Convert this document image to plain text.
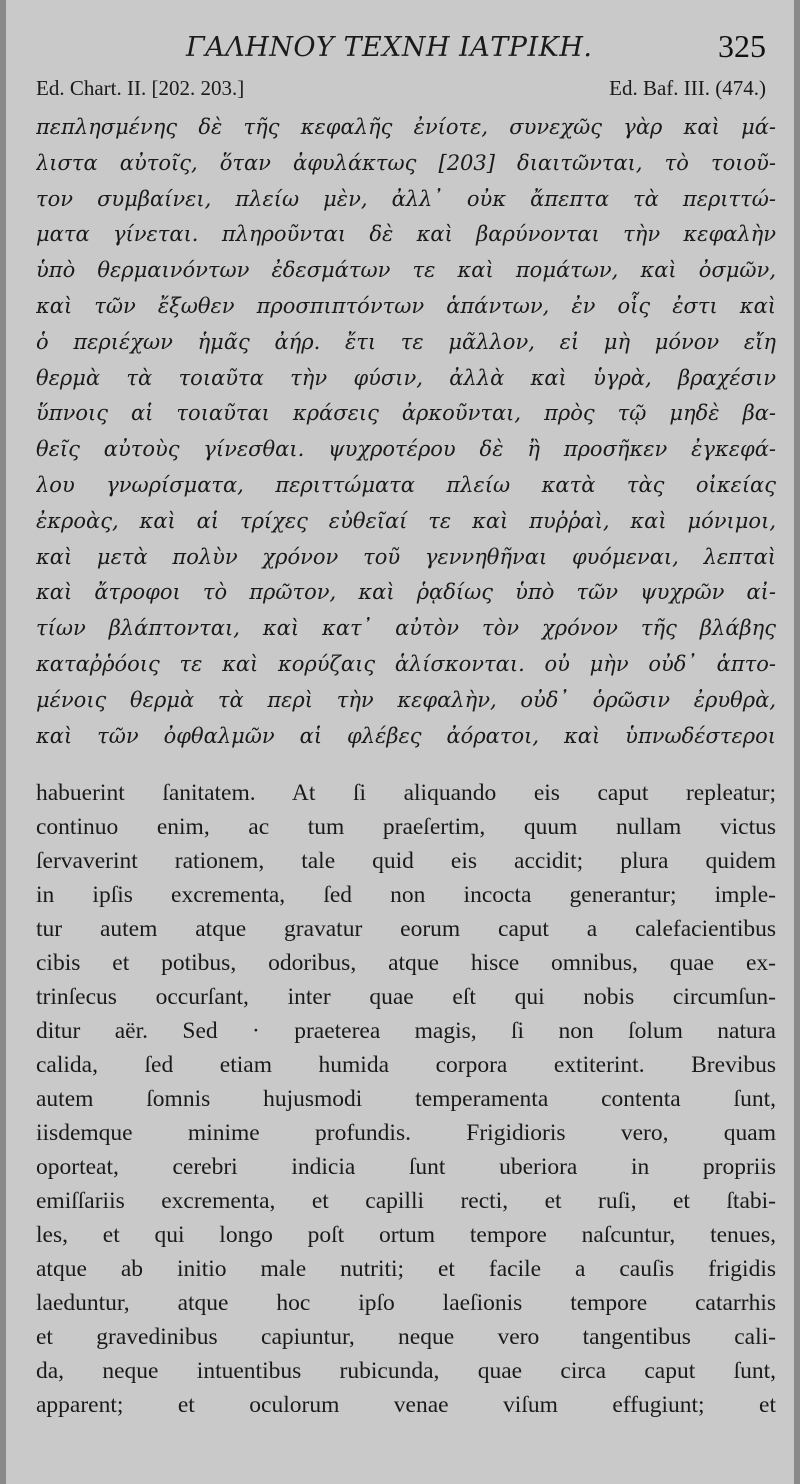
ΓΑΛΗΝΟΥ ΤΕΧΝΗ ΙΑΤΡΙΚΗ.	325
Ed. Chart. II. [202. 203.]	Ed. Baf. III. (474.)
πεπλησμένης δὲ τῆς κεφαλῆς ἐνίοτε, συνεχῶς γὰρ καὶ μά-
λιστα αὐτοῖς, ὅταν ἀφυλάκτως [203] διαιτῶνται, τὸ τοιοῦ-
τον συμβαίνει, πλείω μὲν, ἀλλ᾽ οὐκ ἄπεπτα τὰ περιττώ-
ματα γίνεται. πληροῦνται δὲ καὶ βαρύνονται τὴν κεφαλὴν
ὑπὸ θερμαινόντων ἐδεσμάτων τε καὶ πομάτων, καὶ ὀσμῶν,
καὶ τῶν ἔξωθεν προσπιπτόντων ἁπάντων, ἐν οἷς ἐστι καὶ
ὁ περιέχων ἡμᾶς ἀήρ. ἔτι τε μᾶλλον, εἰ μὴ μόνον εἴη
θερμὰ τὰ τοιαῦτα τὴν φύσιν, ἀλλὰ καὶ ὑγρὰ, βραχέσιν
ὕπνοις αἱ τοιαῦται κράσεις ἀρκοῦνται, πρὸς τῷ μηδὲ βα-
θεῖς αὐτοὺς γίνεσθαι. ψυχροτέρου δὲ ἢ προσῆκεν ἐγκεφά-
λου γνωρίσματα, περιττώματα πλείω κατὰ τὰς οἰκείας
ἐκροὰς, καὶ αἱ τρίχες εὐθεῖαί τε καὶ πυῤῥαὶ, καὶ μόνιμοι,
καὶ μετὰ πολὺν χρόνον τοῦ γεννηθῆναι φυόμεναι, λεπταὶ
καὶ ἄτροφοι τὸ πρῶτον, καὶ ῥᾳδίως ὑπὸ τῶν ψυχρῶν αἰ-
τίων βλάπτονται, καὶ κατ᾽ αὐτὸν τὸν χρόνον τῆς βλάβης
καταῤῥόοις τε καὶ κορύζαις ἁλίσκονται. οὐ μὴν οὐδ᾽ ἁπτο-
μένοις θερμὰ τὰ περὶ τὴν κεφαλὴν, οὐδ᾽ ὁρῶσιν ἐρυθρὰ,
καὶ τῶν ὀφθαλμῶν αἱ φλέβες ἀόρατοι, καὶ ὑπνωδέστεροι
habuerint ſanitatem. At ſi aliquando eis caput repleatur;
continuo enim, ac tum praeſertim, quum nullam victus
ſervaverint rationem, tale quid eis accidit; plura quidem
in ipſis excrementa, ſed non incocta generantur; imple-
tur autem atque gravatur eorum caput a calefacientibus
cibis et potibus, odoribus, atque hisce omnibus, quae ex-
trinſecus occurſant, inter quae eſt qui nobis circumſun-
ditur aër. Sed · praeterea magis, ſi non ſolum natura
calida, ſed etiam humida corpora extiterint. Brevibus
autem ſomnis hujusmodi temperamenta contenta ſunt,
iisdemque minime profundis. Frigidioris vero, quam
oporteat, cerebri indicia ſunt uberiora in propriis
emiſſariis excrementa, et capilli recti, et ruſi, et ſtabi-
les, et qui longo poſt ortum tempore naſcuntur, tenues,
atque ab initio male nutriti; et facile a cauſis frigidis
laeduntur, atque hoc ipſo laeſionis tempore catarrhis
et gravedinibus capiuntur, neque vero tangentibus cali-
da, neque intuentibus rubicunda, quae circa caput ſunt,
apparent; et oculorum venae viſum effugiunt; et
